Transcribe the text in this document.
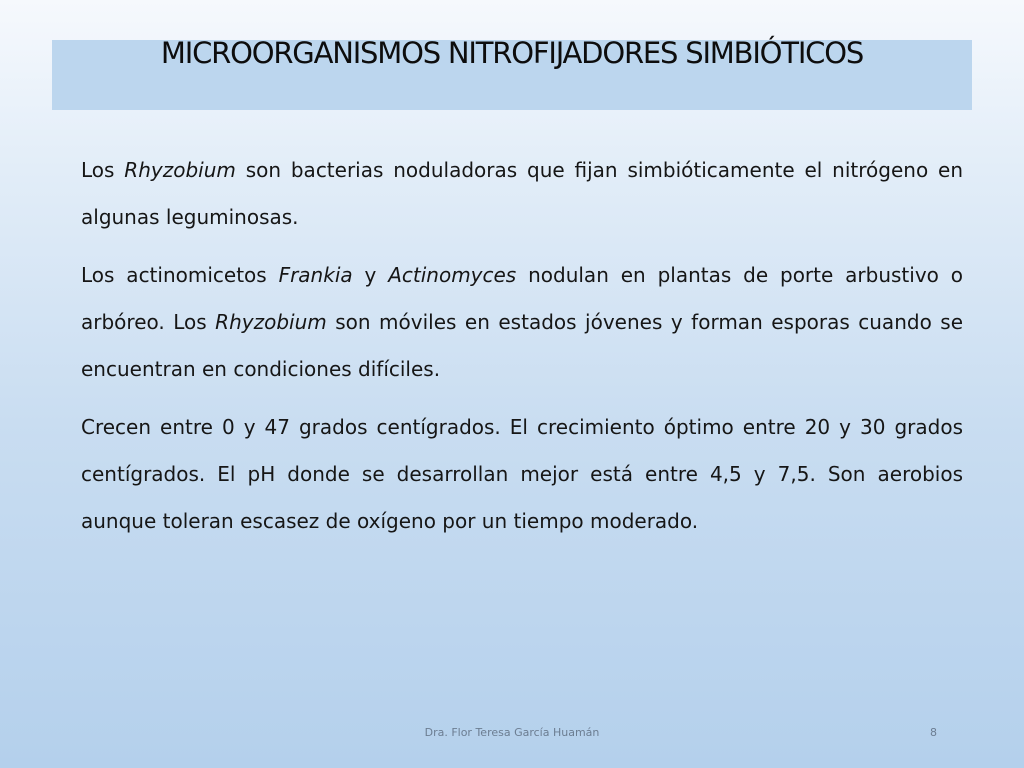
MICROORGANISMOS NITROFIJADORES SIMBIÓTICOS

Los Rhyzobium son bacterias noduladoras que fijan simbióticamente el nitrógeno en algunas leguminosas.

Los actinomicetos Frankia y Actinomyces nodulan en plantas de porte arbustivo o arbóreo. Los Rhyzobium son móviles en estados jóvenes y forman esporas cuando se encuentran en condiciones difíciles.

Crecen entre 0 y 47 grados centígrados. El crecimiento óptimo entre 20 y 30 grados centígrados. El pH donde se desarrollan mejor está entre 4,5 y 7,5. Son aerobios aunque toleran escasez de oxígeno por un tiempo moderado.

Dra. Flor Teresa García Huamán	8
